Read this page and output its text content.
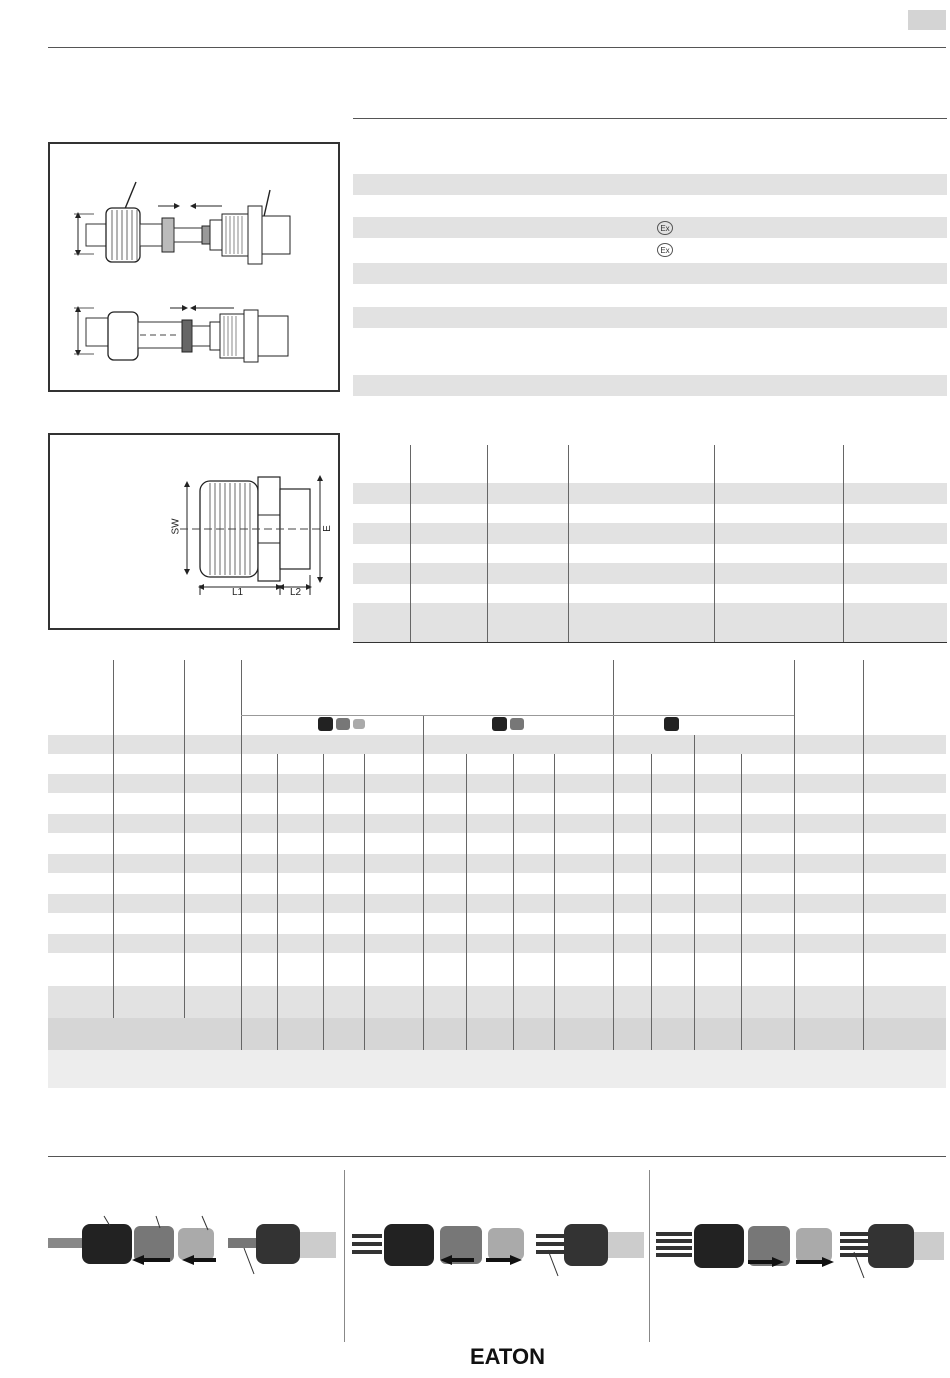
SW	E
L1	L2
Ex
Ex
EATON
